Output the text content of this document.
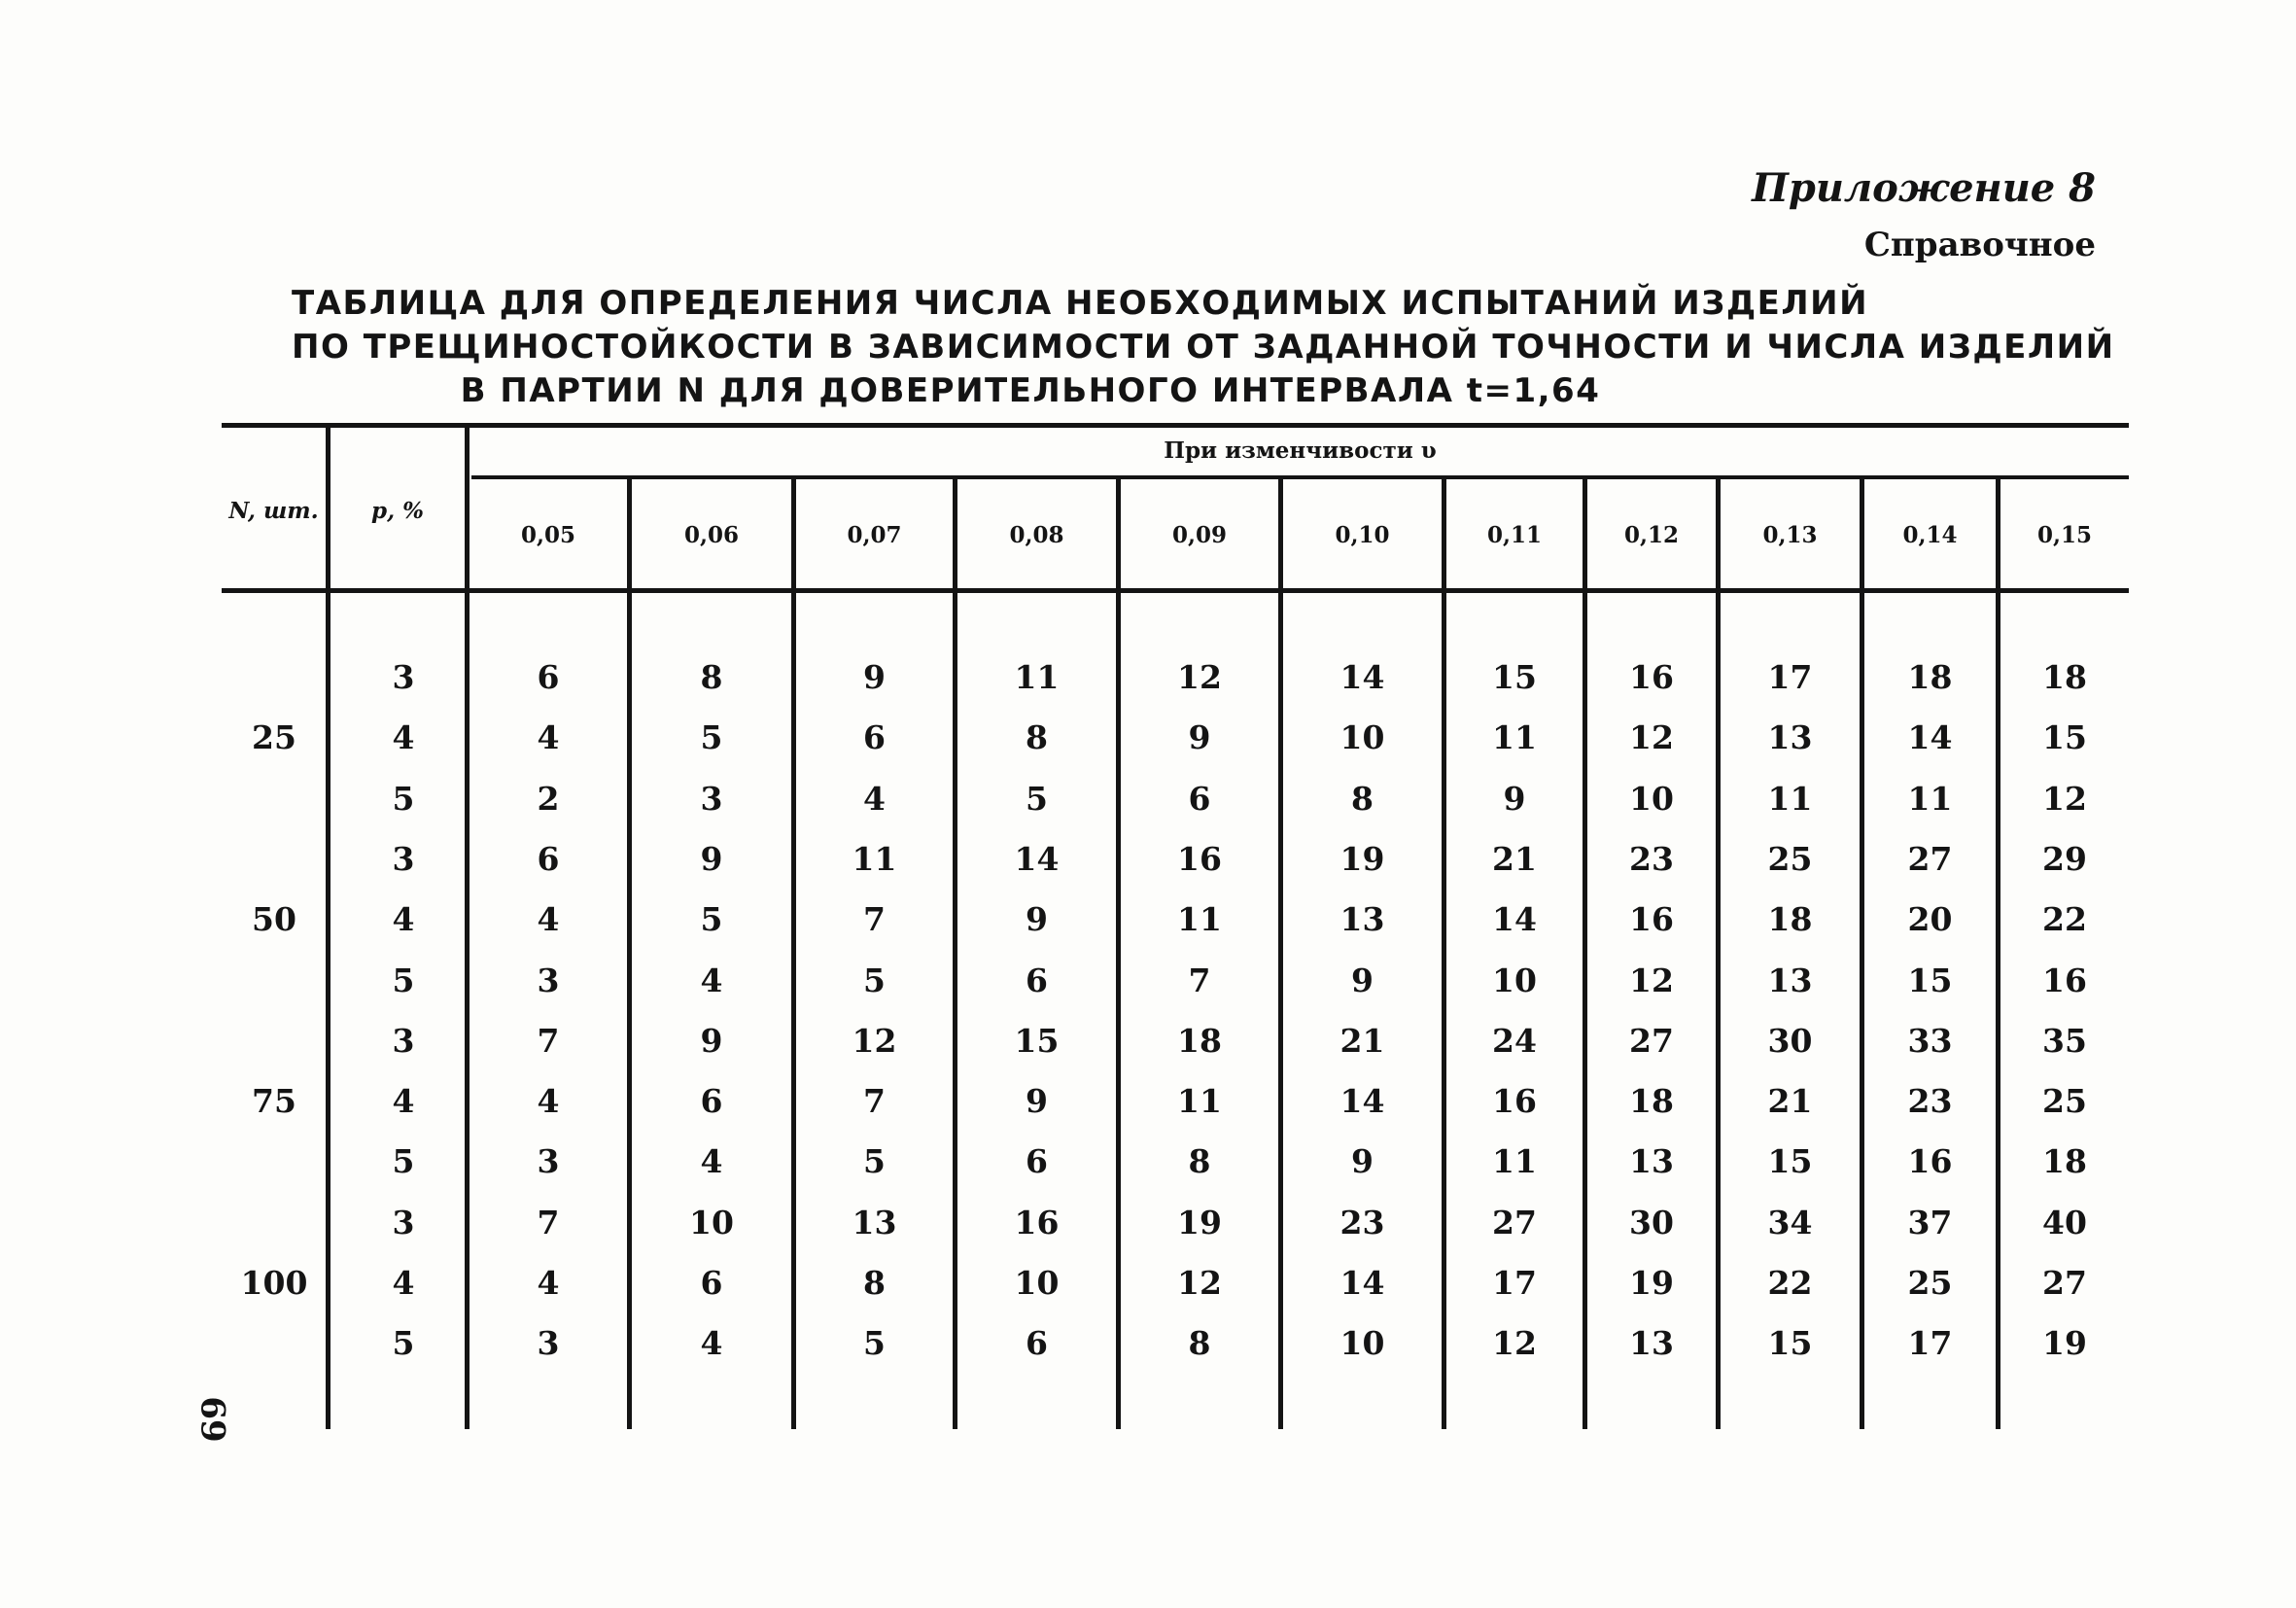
Приложение 8
Справочное
ТАБЛИЦА ДЛЯ ОПРЕДЕЛЕНИЯ ЧИСЛА НЕОБХОДИМЫХ ИСПЫТАНИЙ ИЗДЕЛИЙ
ПО ТРЕЩИНОСТОЙКОСТИ В ЗАВИСИМОСТИ ОТ ЗАДАННОЙ ТОЧНОСТИ И ЧИСЛА ИЗДЕЛИЙ
В ПАРТИИ N ДЛЯ ДОВЕРИТЕЛЬНОГО ИНТЕРВАЛА t=1,64
N, шт.	p, %
При изменчивости υ
0,05	0,06	0,07	0,08	0,09	0,10	0,11	0,12	0,13	0,14	0,15
25
3	6	8	9	11	12	14	15	16	17	18	18
4	4	5	6	8	9	10	11	12	13	14	15
5	2	3	4	5	6	8	9	10	11	11	12
50
3	6	9	11	14	16	19	21	23	25	27	29
4	4	5	7	9	11	13	14	16	18	20	22
5	3	4	5	6	7	9	10	12	13	15	16
75
3	7	9	12	15	18	21	24	27	30	33	35
4	4	6	7	9	11	14	16	18	21	23	25
5	3	4	5	6	8	9	11	13	15	16	18
100
3	7	10	13	16	19	23	27	30	34	37	40
4	4	6	8	10	12	14	17	19	22	25	27
5	3	4	5	6	8	10	12	13	15	17	19
69
